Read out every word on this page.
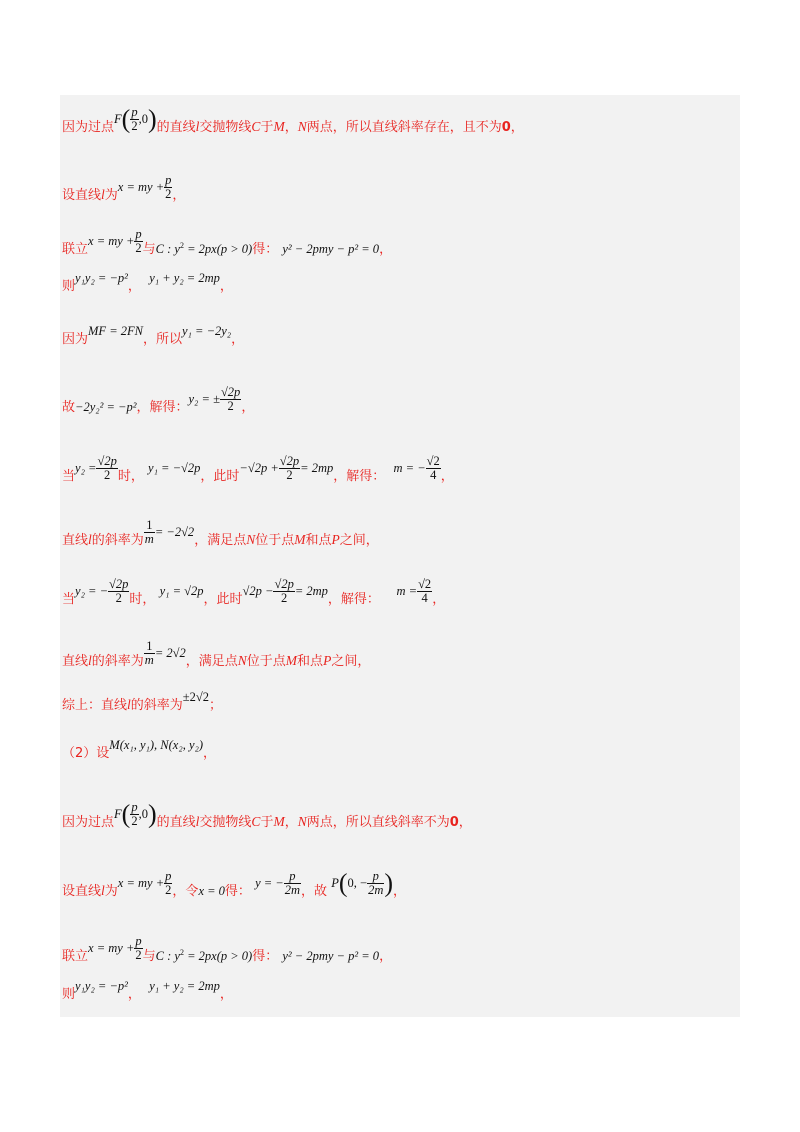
因为过点$F( \frac{p}{2} ,0)$的直线l交抛物线C于M，N两点，所以直线斜率存在，且不为0，
设直线l为x = my + $\frac{p}{2}$ ，
联立x = my + $\frac{p}{2}$ 与C : $y^2 = 2px(p > 0)$得： y² − 2pmy − p² = 0，
则y₁y₂ = −p²，  y₁ + y₂ = 2mp，
因为MF = 2FN，所以y₁ = −2y₂，
故−2y₂² = −p²，解得：y₂ = ± $\frac{√2p}{2}$ ，
当$y_2 = \frac{√2p}{2}$ 时， y₁ = −√2p，此时$-√2p + \frac{√2p}{2} = 2mp$，解得：  m = − $\frac{√2}{4}$ ，
直线l的斜率为 $\frac{1}{m} = -2√2$，满足点N位于点M和点P之间，
当y₂ = − $\frac{√2p}{2}$ 时， y₁ = √2p，此时$√2p - \frac{√2p}{2} = 2mp$，解得：    $m = \frac{√2}{4}$ ，
直线l的斜率为 $\frac{1}{m} = 2√2$，满足点N位于点M和点P之间，
综上：直线l的斜率为±2√2；
（2）设M(x₁, y₁), N(x₂, y₂)，
因为过点$F( \frac{p}{2} ,0)$的直线l交抛物线C于M，N两点，所以直线斜率不为0，
设直线l为x = my + $\frac{p}{2}$ ，令x = 0得： y = − $\frac{p}{2m}$ ，故 P(0, − $\frac{p}{2m}$ )，
联立x = my + $\frac{p}{2}$ 与C : $y^2 = 2px(p > 0)$得： y² − 2pmy − p² = 0，
则y₁y₂ = −p²，  y₁ + y₂ = 2mp，
